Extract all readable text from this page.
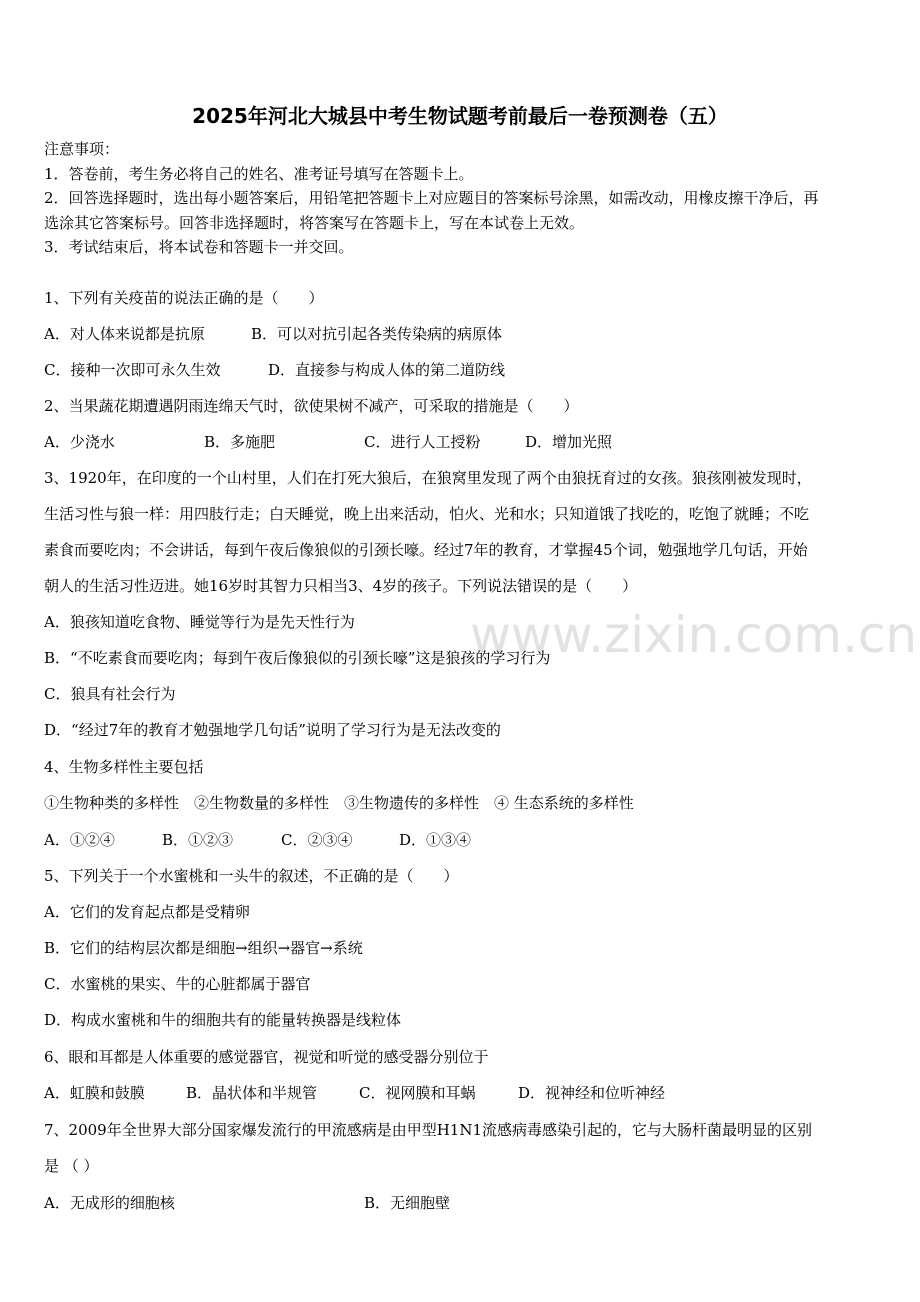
www.zixin.com.cn
2025年河北大城县中考生物试题考前最后一卷预测卷（五）
注意事项：
1．答卷前，考生务必将自己的姓名、准考证号填写在答题卡上。
2．回答选择题时，选出每小题答案后，用铅笔把答题卡上对应题目的答案标号涂黑，如需改动，用橡皮擦干净后，再
选涂其它答案标号。回答非选择题时，将答案写在答题卡上，写在本试卷上无效。
3．考试结束后，将本试卷和答题卡一并交回。
1、下列有关疫苗的说法正确的是（　　）
A．对人体来说都是抗原	B．可以对抗引起各类传染病的病原体
C．接种一次即可永久生效	D．直接参与构成人体的第二道防线
2、当果蔬花期遭遇阴雨连绵天气时，欲使果树不减产，可采取的措施是（　　）
A．少浇水	B．多施肥	C．进行人工授粉	D．增加光照
3、1920年，在印度的一个山村里，人们在打死大狼后，在狼窝里发现了两个由狼抚育过的女孩。狼孩刚被发现时，
生活习性与狼一样：用四肢行走；白天睡觉，晚上出来活动，怕火、光和水；只知道饿了找吃的，吃饱了就睡；不吃
素食而要吃肉；不会讲话，每到午夜后像狼似的引颈长嚎。经过7年的教育，才掌握45个词，勉强地学几句话，开始
朝人的生活习性迈进。她16岁时其智力只相当3、4岁的孩子。下列说法错误的是（　　）
A．狼孩知道吃食物、睡觉等行为是先天性行为
B．“不吃素食而要吃肉；每到午夜后像狼似的引颈长嚎”这是狼孩的学习行为
C．狼具有社会行为
D．“经过7年的教育才勉强地学几句话”说明了学习行为是无法改变的
4、生物多样性主要包括
①生物种类的多样性　②生物数量的多样性　③生物遗传的多样性　④ 生态系统的多样性
A．①②④	B．①②③	C．②③④	D．①③④
5、下列关于一个水蜜桃和一头牛的叙述，不正确的是（　　）
A．它们的发育起点都是受精卵
B．它们的结构层次都是细胞→组织→器官→系统
C．水蜜桃的果实、牛的心脏都属于器官
D．构成水蜜桃和牛的细胞共有的能量转换器是线粒体
6、眼和耳都是人体重要的感觉器官，视觉和听觉的感受器分别位于
A．虹膜和鼓膜	B．晶状体和半规管	C．视网膜和耳蜗	D．视神经和位听神经
7、2009年全世界大部分国家爆发流行的甲流感病是由甲型H1N1流感病毒感染引起的，它与大肠杆菌最明显的区别
是 （ ）
A．无成形的细胞核	B．无细胞壁
